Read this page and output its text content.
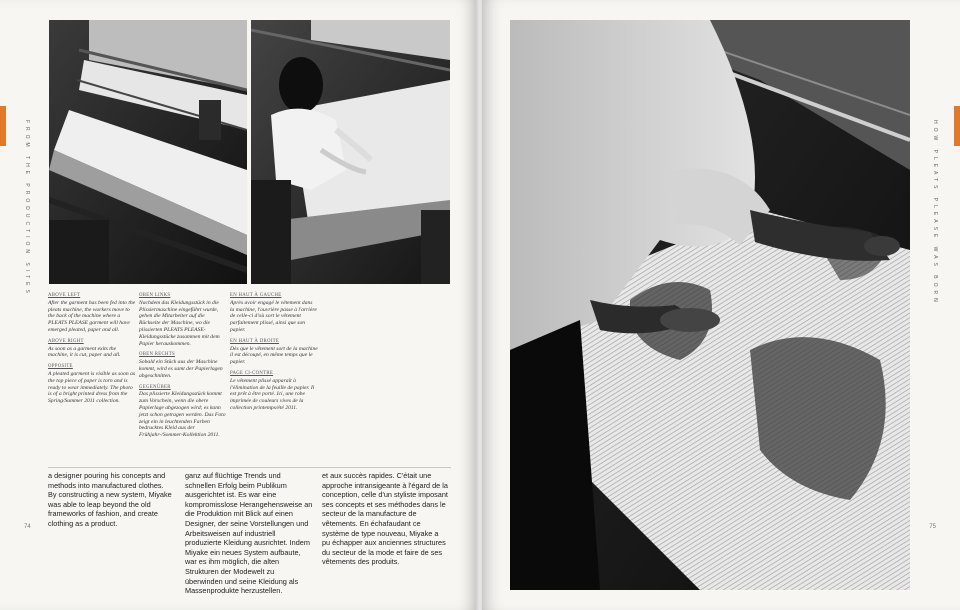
FROM THE PRODUCTION SITES	ABOVE LEFT
After the garment has been fed into the pleats machine, the workers move to the back of the machine where a PLEATS PLEASE garment will have emerged pleated, paper and all.
ABOVE RIGHT
As soon as a garment exits the machine, it is cut, paper and all.
OPPOSITE
A pleated garment is visible as soon as the top piece of paper is torn and is ready to wear immediately. The photo is of a bright printed dress from the Spring/Summer 2011 collection.
OBEN LINKS
Nachdem das Kleidungsstück in die Plissiermaschine eingeführt wurde, gehen die Mitarbeiter auf die Rückseite der Maschine, wo die plissierten PLEATS PLEASE-Kleidungsstücke zusammen mit dem Papier herauskommen.
OBEN RECHTS
Sobald ein Stück aus der Maschine kommt, wird es samt der Papierlagen abgeschnitten.
GEGENÜBER
Das plissierte Kleidungsstück kommt zum Vorschein, wenn die obere Papierlage abgezogen wird; es kann jetzt schon getragen werden. Das Foto zeigt ein in leuchtenden Farben bedrucktes Kleid aus der Frühjahr-/Sommer-Kollektion 2011.
EN HAUT À GAUCHE
Après avoir engagé le vêtement dans la machine, l'ouvrière passe à l'arrière de celle-ci d'où sort le vêtement parfaitement plissé, ainsi que son papier.
EN HAUT À DROITE
Dès que le vêtement sort de la machine il est découpé, en même temps que le papier.
PAGE CI-CONTRE
Le vêtement plissé apparaît à l'élimination de la feuille de papier. Il est prêt à être porté. Ici, une robe imprimée de couleurs vives de la collection printemps/été 2011.
a designer pouring his concepts and methods into manufactured clothes. By constructing a new system, Miyake was able to leap beyond the old frameworks of fashion, and create clothing as a product.
ganz auf flüchtige Trends und schnellen Erfolg beim Publikum ausgerichtet ist. Es war eine kompromisslose Herangehensweise an die Produktion mit Blick auf einen Designer, der seine Vorstellungen und Arbeitsweisen auf industriell produzierte Kleidung ausrichtet. Indem Miyake ein neues System aufbaute, war es ihm möglich, die alten Strukturen der Modewelt zu überwinden und seine Kleidung als Massenprodukte herzustellen.
et aux succès rapides. C'était une approche intransigeante à l'égard de la conception, celle d'un styliste imposant ses concepts et ses méthodes dans le secteur de la manufacture de vêtements. En échafaudant ce système de type nouveau, Miyake a pu échapper aux anciennes structures du secteur de la mode et faire de ses vêtements des produits.
74
HOW PLEATS PLEASE WAS BORN
75
